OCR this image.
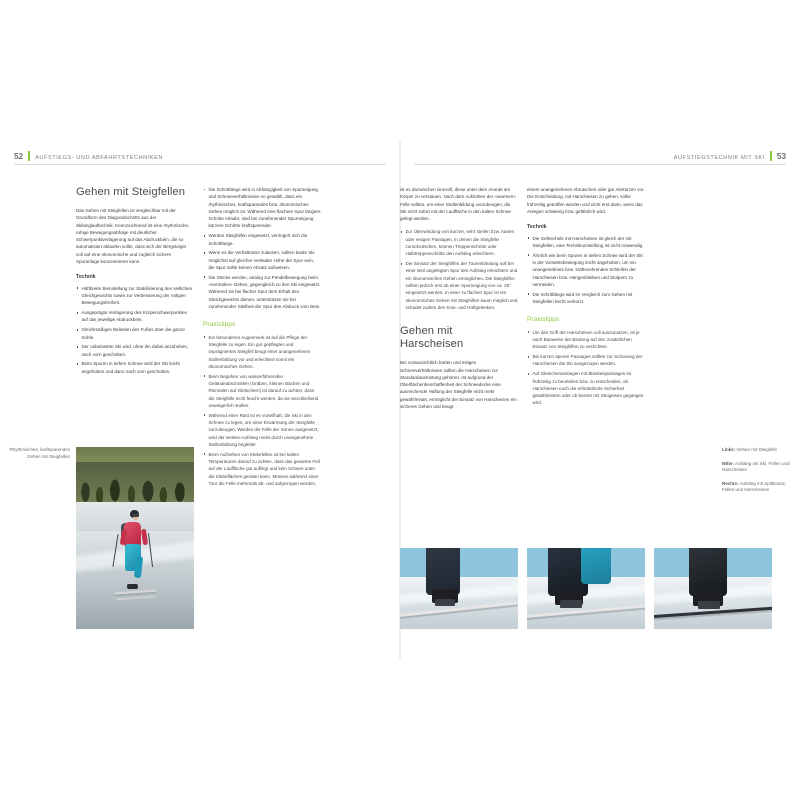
52 AUFSTIEGS- UND ABFAHRTSTECHNIKEN	AUFSTIEGSTECHNIK MIT SKI 53
Gehen mit Steigfellen

Das Gehen mit Steigfellen ist vergleichbar mit der Grundform des Diagonalschritts aus der Skilanglauftechnik. Kennzeichnend ist eine rhythmische, ruhige Bewegungsabfolge mit deutlicher Schwerpunktverlagerung auf das Abdruckbein, die so automatisiert ablaufen sollte, dass sich der Bergsteiger voll auf eine ökonomische und zugleich sichere Spuranlage konzentrieren kann.

Technik
Hüftbreite Beinstellung zur Stabilisierung des seitlichen Gleichgewichts sowie zur Verbesserung der nötigen Bewegungsfreiheit.
Ausgeprägte Verlagerung des Körperschwerpunktes auf das jeweilige Abdruckbein.
Gleichmäßiges Belasten des Fußes über die ganze Sohle.
Der unbelastete Ski wird, ohne ihn dabei anzuheben, nach vorn geschoben.
Beim Spuren in tiefem Schnee wird der Ski leicht angehoben und dann nach vorn geschoben.
Die Schrittlänge wird in Abhängigkeit von Spurneigung und Schneeverhältnissen so gewählt, dass ein rhythmisches, kraftsparendes bzw. ökonomisches Gehen möglich ist. Während eine flachere Spur längere Schritte erlaubt, sind bei zunehmender Spurneigung kürzere Schritte kraftsparender.
Werden Steighilfen eingesetzt, verringert sich die Schrittlänge.
Wenn es die Verhältnisse zulassen, sollten beide Ski möglichst auf gleicher vertikaler Höhe der Spur sein, die Spur sollte keinen Absatz aufweisen.
Die Stöcke werden, analog zur Pendelbewegung beim «normalen» Gehen, gegengleich zu den Ski eingesetzt. Während sie bei flacher Spur dem Erhalt des Gleichgewichts dienen, unterstützen sie bei zunehmender Steilheit der Spur den Abdruck vom Bein.
Praxistipps
Ein besonderes Augenmerk ist auf die Pflege der Steigfelle zu legen. Ein gut gepflegtes und imprägniertes Steigfell beugt einer unangenehmen Stollenbildung vor und erleichtert somit ein ökonomisches Gehen.
Beim Begehen von wasserführenden Geländeabschnitten (Gräben, kleinen Bächen und Rinnsalen auf Gletschern) ist darauf zu achten, dass die Steigfelle nicht feucht werden, da sie anschließend unweigerlich stollen.
Während einer Rast ist es vorteilhaft, die Ski in den Schnee zu legen, um einer Erwärmung der Steigfelle vorzubeugen. Werden die Felle der Sonne ausgesetzt, wird der weitere Aufstieg meist durch unangenehme Stollenbildung begleitet.
Beim Aufziehen von Klebefellen ist bei kalten Temperaturen darauf zu achten, dass das gesamte Fell auf der Lauffläche gut aufliegt und kein Schnee unter die Klebeflächen geraten kann. Müssen während einer Tour die Felle mehrmals ab- und aufgezogen werden,

ist es dazwischen sinnvoll, diese unter dem Anorak am Körper zu verstauen. Nach dem Aufziehen der «warmen» Felle sollten, um einer Stollenbildung vorzubeugen, die Ski nicht sofort mit der Lauffläche in den kalten Schnee gelegt werden.

Zur Überwindung von kurzen, sehr steilen bzw. harten oder eisigen Passagen, in denen die Steigfelle zurückrutschen, können Treppenschritte oder Halbtreppenschritte den Aufstieg erleichtern.
Der Einsatz der Steighilfen der Tourenbindung soll bei einer steil angelegten Spur den Aufstieg erleichtern und ein ökonomisches Gehen ermöglichen. Die Steighilfen sollten jedoch erst ab einer Spurneigung von ca. 25° eingesetzt werden. In einer zu flachen Spur ist ein ökonomisches Gehen mit Steighilfen kaum möglich und schadet zudem den Knie- und Hüftgelenken.
Gehen mit Harscheisen

Bei voraussichtlich harten und eisigen Schneeverhältnissen sollten die Harscheisen zur Standardausrüstung gehören. Ist aufgrund der Oberflächenbeschaffenheit der Schneedecke eine ausreichende Haftung der Steigfelle nicht mehr gewährleistet, ermöglicht der Einsatz von Harscheisen ein sicheres Gehen und beugt

einem unangenehmen Abrutschen oder gar Abstürzen vor. Die Entscheidung, mit Harscheisen zu gehen, sollte frühzeitig getroffen werden und nicht erst dann, wenn das Anlegen schwierig bzw. gefährlich wird.

Technik
Die Gehtechnik mit Harscheisen ist gleich der mit Steigfellen, eine Technikumstellung ist nicht notwendig.
Ähnlich wie beim Spuren in tiefem Schnee wird der Ski in der Vorwärtsbewegung leicht angehoben, um ein unangenehmes bzw. kräftezehrendes Schleifen der Harscheisen bzw. Hängenbleiben und Stolpern zu vermeiden.
Die Schrittlänge wird im Vergleich zum Gehen mit Steigfellen leicht verkürzt.
Praxistipps
Um den Griff der Harscheisen voll auszunutzen, ist je nach Bauweise der Bindung auf den zusätzlichen Einsatz von Steighilfen zu verzichten.
Bei kurzen aperen Passagen sollten zur Schonung der Harscheisen die Ski ausgezogen werden.
Auf Gletscheranstiegen mit Blankeispassagen ist frühzeitig zu beurteilen bzw. zu entscheiden, ob Harscheisen noch die erforderliche Sicherheit gewährleisten oder ob besser mit Steigeisen gegangen wird.
Rhythmisches, kraftsparendes Gehen mit Steigfellen
Links: Gehen mit Steighilfe
Mitte: Aufstieg mit Ski, Fellen und Harscheisen
Rechts: Aufstieg mit Splitboard, Fellen und Harscheisen
